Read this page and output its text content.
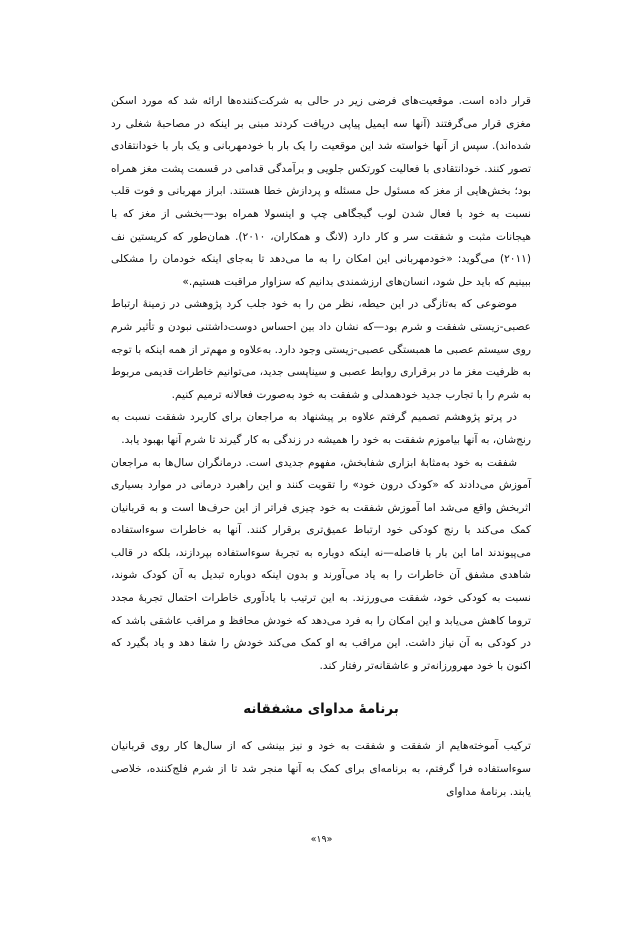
قرار داده است. موقعیت‌های فرضی زیر در حالی به شرکت‌کننده‌ها ارائه شد که مورد اسکن مغزی قرار می‌گرفتند (آنها سه ایمیل پیاپی دریافت کردند مبنی بر اینکه در مصاحبهٔ شغلی رد شده‌اند). سپس از آنها خواسته شد این موقعیت را یک بار با خودمهربانی و یک بار با خودانتقادی تصور کنند. خودانتقادی با فعالیت کورتکس جلویی و برآمدگی قدامی در قسمت پشت مغز همراه بود؛ بخش‌هایی از مغز که مسئول حل مسئله و پردازش خطا هستند. ابراز مهربانی و فوت قلب نسبت به خود با فعال شدن لوب گیجگاهی چپ و اینسولا همراه بود—بخشی از مغز که با هیجانات مثبت و شفقت سر و کار دارد (لانگ و همکاران، ۲۰۱۰). همان‌طور که کریستین نف (۲۰۱۱) می‌گوید: «خودمهربانی این امکان را به ما می‌دهد تا به‌جای اینکه خودمان را مشکلی ببینیم که باید حل شود، انسان‌های ارزشمندی بدانیم که سزاوار مراقبت هستیم.»

موضوعی که به‌تازگی در این حیطه، نظر من را به خود جلب کرد پژوهشی در زمینهٔ ارتباط عصبی-زیستی شفقت و شرم بود—که نشان داد بین احساس دوست‌داشتنی نبودن و تأثیر شرم روی سیستم عصبی ما همبستگی عصبی-زیستی وجود دارد. به‌علاوه و مهم‌تر از همه اینکه با توجه به ظرفیت مغز ما در برقراری روابط عصبی و سیناپسی جدید، می‌توانیم خاطرات قدیمی مربوط به شرم را با تجارب جدید خودهمدلی و شفقت به خود به‌صورت فعالانه ترمیم کنیم.

در پرتو پژوهشم تصمیم گرفتم علاوه بر پیشنهاد به مراجعان برای کاربرد شفقت نسبت به رنج‌شان، به آنها بیاموزم شفقت به خود را همیشه در زندگی به کار گیرند تا شرم آنها بهبود یابد.

شفقت به خود به‌مثابهٔ ابزاری شفابخش، مفهوم جدیدی است. درمانگران سال‌ها به مراجعان آموزش می‌دادند که «کودک درون خود» را تقویت کنند و این راهبرد درمانی در موارد بسیاری اثربخش واقع می‌شد اما آموزش شفقت به خود چیزی فراتر از این حرف‌ها است و به قربانیان کمک می‌کند با رنج کودکی خود ارتباط عمیق‌تری برقرار کنند. آنها به خاطرات سوءاستفاده می‌پیوندند اما این بار با فاصله—نه اینکه دوباره به تجربهٔ سوءاستفاده بپردازند، بلکه در قالب شاهدی مشفق آن خاطرات را به یاد می‌آورند و بدون اینکه دوباره تبدیل به آن کودک شوند، نسبت به کودکی خود، شفقت می‌ورزند. به این ترتیب با یادآوری خاطرات احتمال تجربهٔ مجدد تروما کاهش می‌یابد و این امکان را به فرد می‌دهد که خودش محافظ و مراقب عاشقی باشد که در کودکی به آن نیاز داشت. این مراقب به او کمک می‌کند خودش را شفا دهد و یاد بگیرد که اکنون با خود مهرورزانه‌تر و عاشقانه‌تر رفتار کند.

برنامهٔ مداوای مشفقانه

ترکیب آموخته‌هایم از شفقت و شفقت به خود و نیز بینشی که از سال‌ها کار روی قربانیان سوءاستفاده فرا گرفتم، به برنامه‌ای برای کمک به آنها منجر شد تا از شرم فلج‌کننده، خلاصی یابند. برنامهٔ مداوای

«۱۹»
